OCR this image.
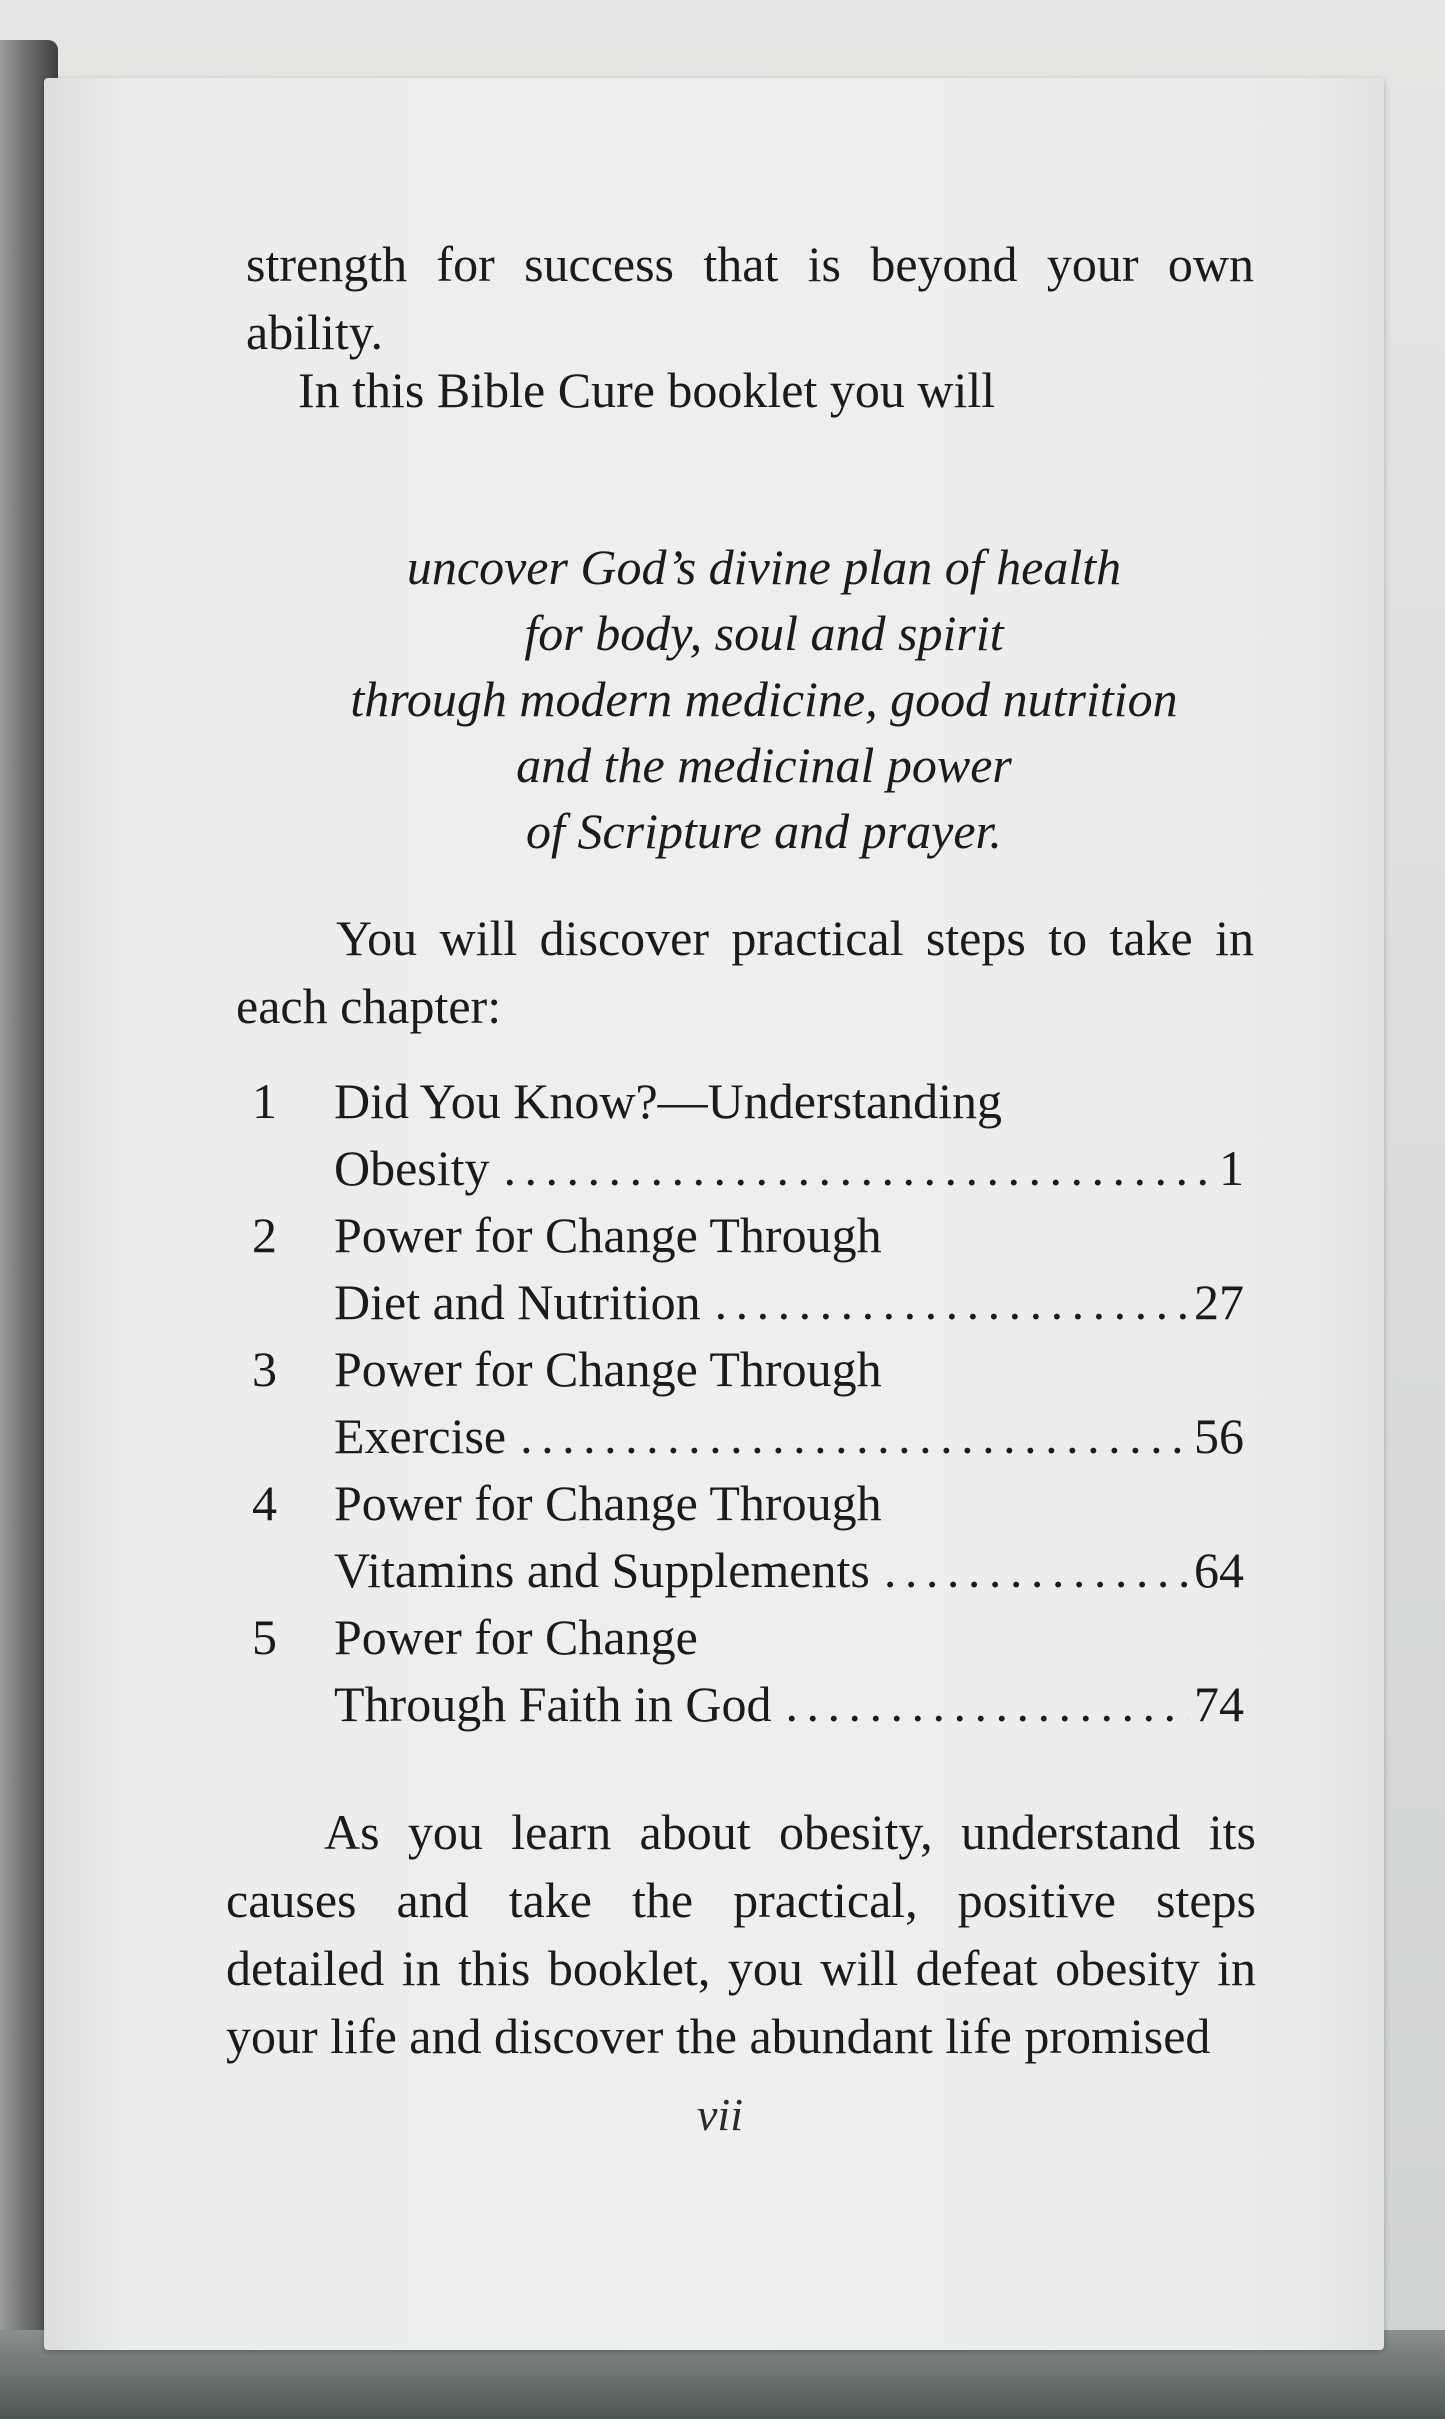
strength for success that is beyond your own ability.
In this Bible Cure booklet you will
uncover God’s divine plan of health
for body, soul and spirit
through modern medicine, good nutrition
and the medicinal power
of Scripture and prayer.
You will discover practical steps to take in each chapter:
1	Did You Know?—Understanding
Obesity . . .	1
2	Power for Change Through
Diet and Nutrition . . .	27
3	Power for Change Through
Exercise . . .	56
4	Power for Change Through
Vitamins and Supplements . . .	64
5	Power for Change
Through Faith in God . . .	74
As you learn about obesity, understand its causes and take the practical, positive steps detailed in this booklet, you will defeat obesity in your life and discover the abundant life promised
vii
